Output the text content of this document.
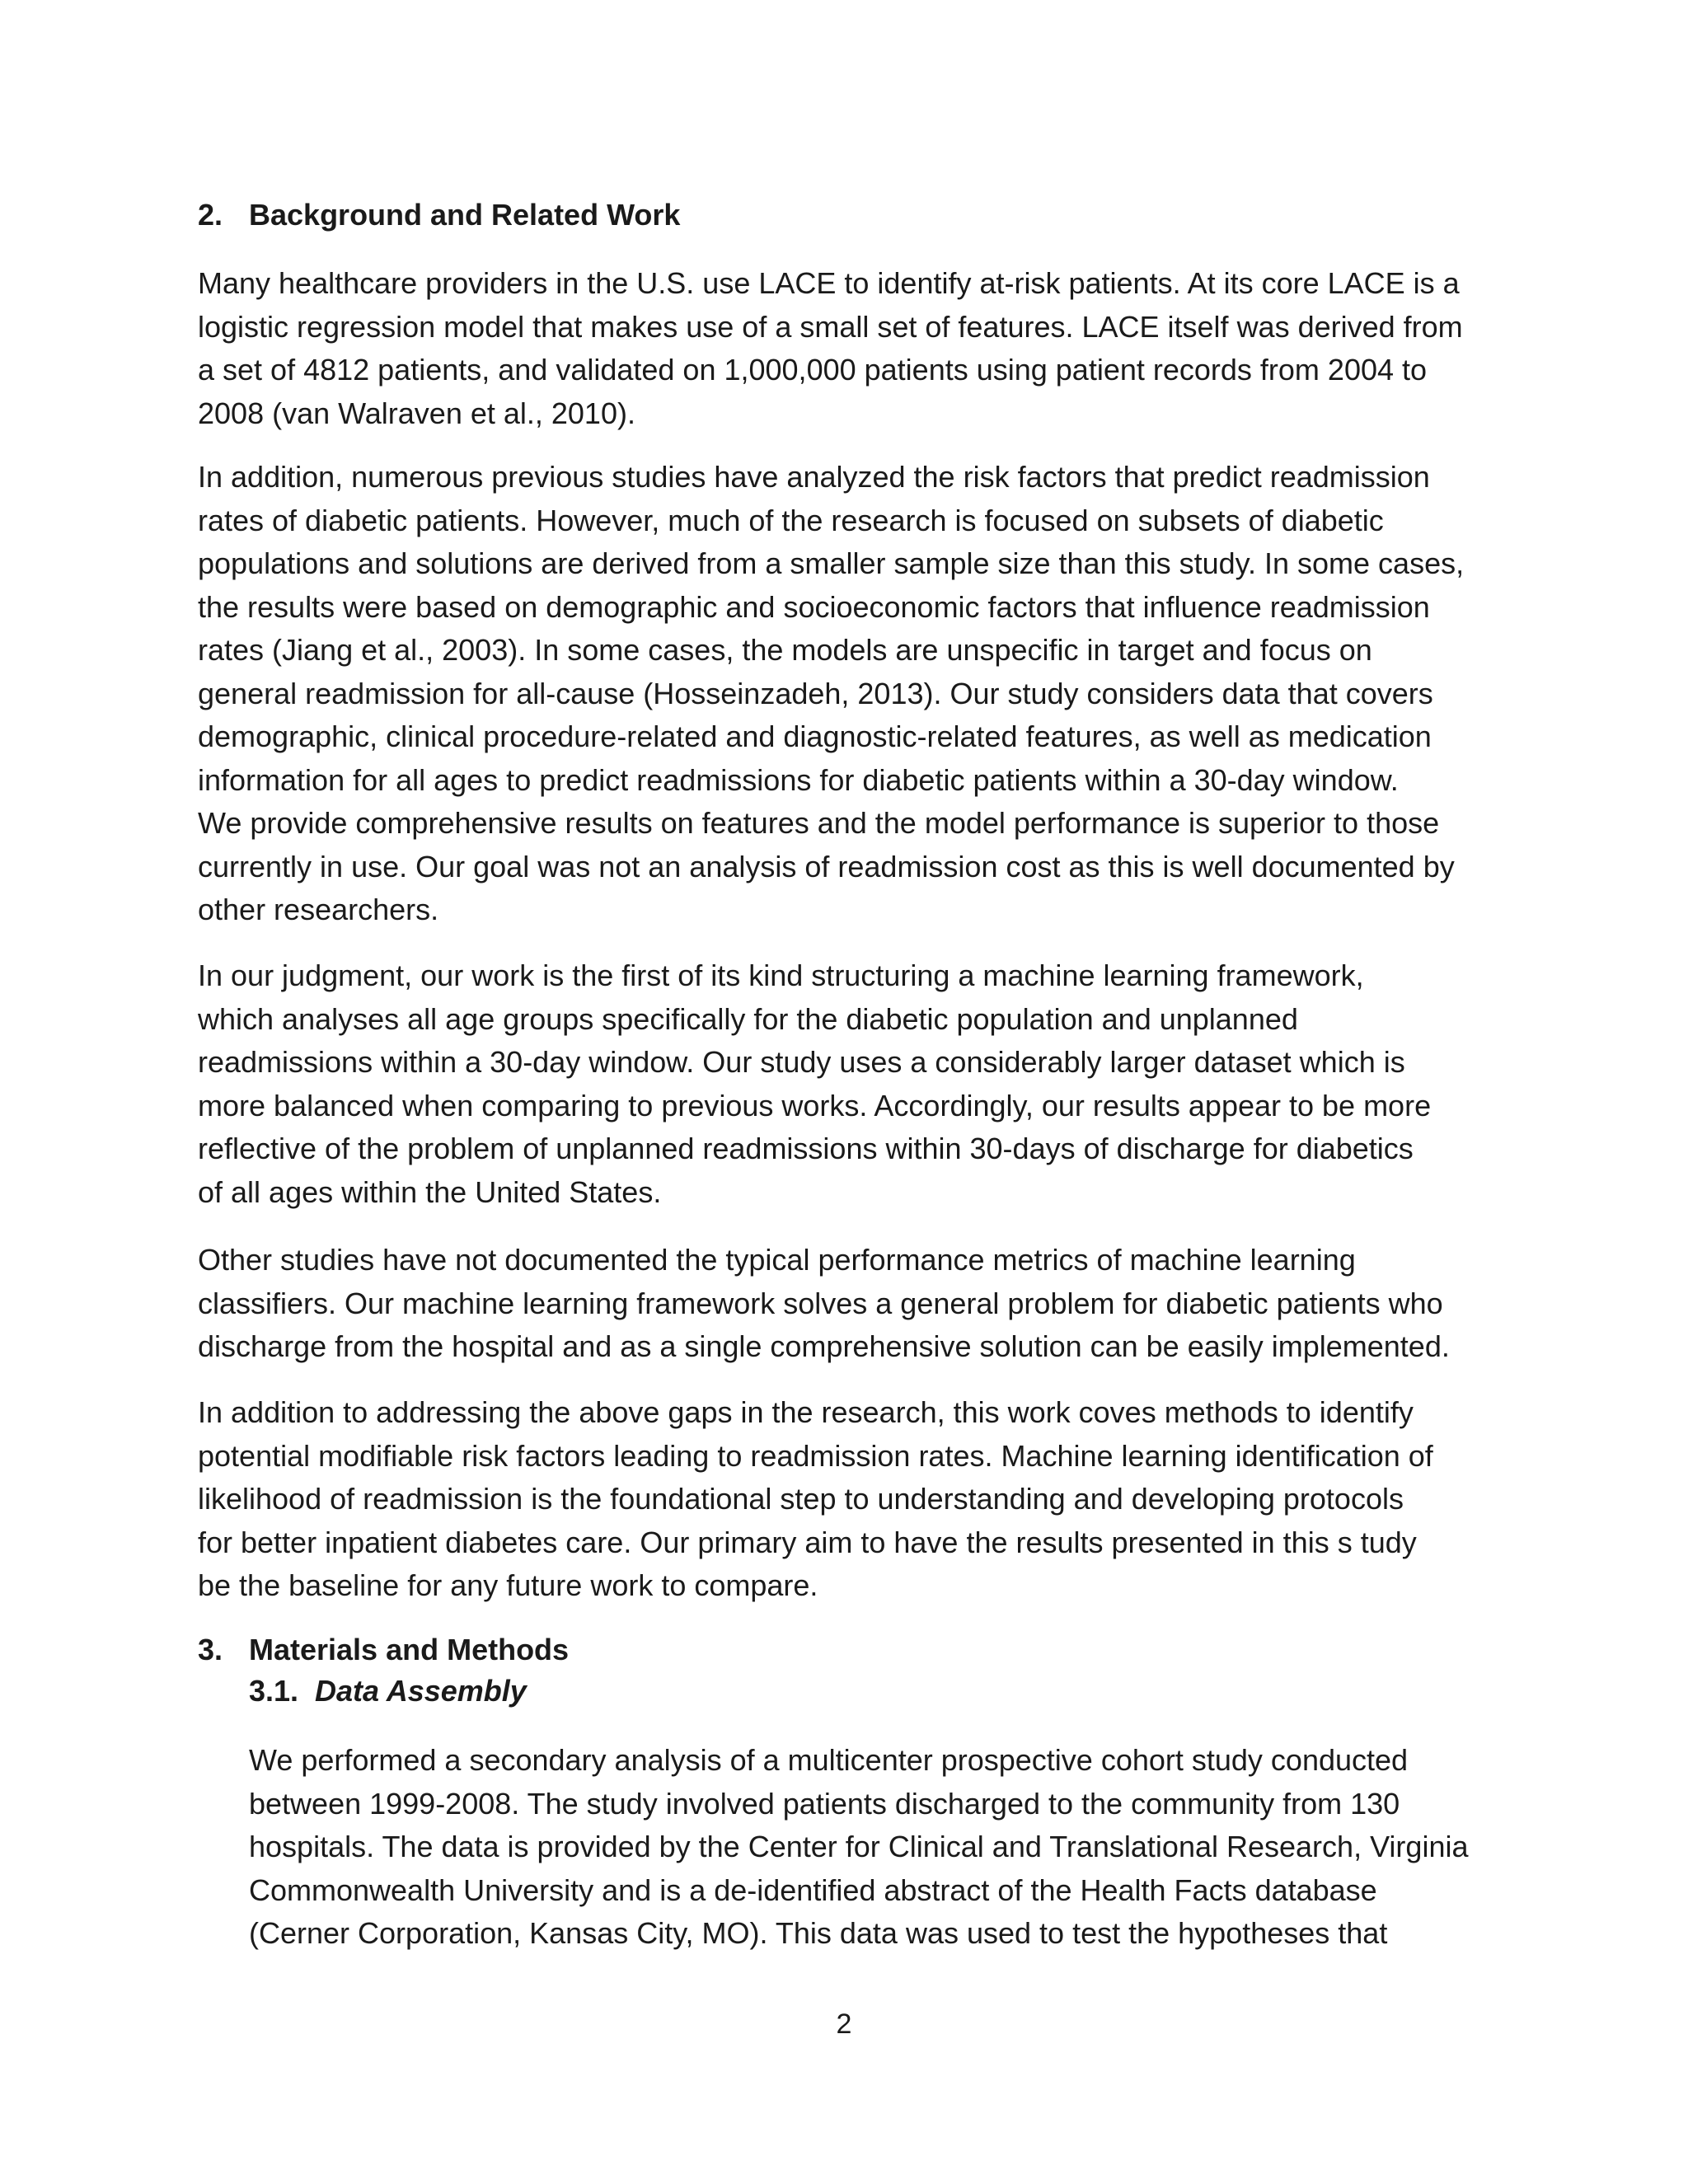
2. Background and Related Work
Many healthcare providers in the U.S. use LACE to identify at-risk patients. At its core LACE is a
logistic regression model that makes use of a small set of features. LACE itself was derived from
a set of 4812 patients, and validated on 1,000,000 patients using patient records from 2004 to
2008 (van Walraven et al., 2010).
In addition, numerous previous studies have analyzed the risk factors that predict readmission
rates of diabetic patients. However, much of the research is focused on subsets of diabetic
populations and solutions are derived from a smaller sample size than this study. In some cases,
the results were based on demographic and socioeconomic factors that influence readmission
rates (Jiang et al., 2003). In some cases, the models are unspecific in target and focus on
general readmission for all-cause (Hosseinzadeh, 2013). Our study considers data that covers
demographic, clinical procedure-related and diagnostic-related features, as well as medication
information for all ages to predict readmissions for diabetic patients within a 30-day window.
We provide comprehensive results on features and the model performance is superior to those
currently in use. Our goal was not an analysis of readmission cost as this is well documented by
other researchers.
In our judgment, our work is the first of its kind structuring a machine learning framework,
which analyses all age groups specifically for the diabetic population and unplanned
readmissions within a 30-day window. Our study uses a considerably larger dataset which is
more balanced when comparing to previous works. Accordingly, our results appear to be more
reflective of the problem of unplanned readmissions within 30-days of discharge for diabetics
of all ages within the United States.
Other studies have not documented the typical performance metrics of machine learning
classifiers. Our machine learning framework solves a general problem for diabetic patients who
discharge from the hospital and as a single comprehensive solution can be easily implemented.
In addition to addressing the above gaps in the research, this work coves methods to identify
potential modifiable risk factors leading to readmission rates. Machine learning identification of
likelihood of readmission is the foundational step to understanding and developing protocols
for better inpatient diabetes care. Our primary aim to have the results presented in this s tudy
be the baseline for any future work to compare.
3. Materials and Methods
3.1. Data Assembly
We performed a secondary analysis of a multicenter prospective cohort study conducted
between 1999-2008. The study involved patients discharged to the community from 130
hospitals. The data is provided by the Center for Clinical and Translational Research, Virginia
Commonwealth University and is a de-identified abstract of the Health Facts database
(Cerner Corporation, Kansas City, MO). This data was used to test the hypotheses that
2
